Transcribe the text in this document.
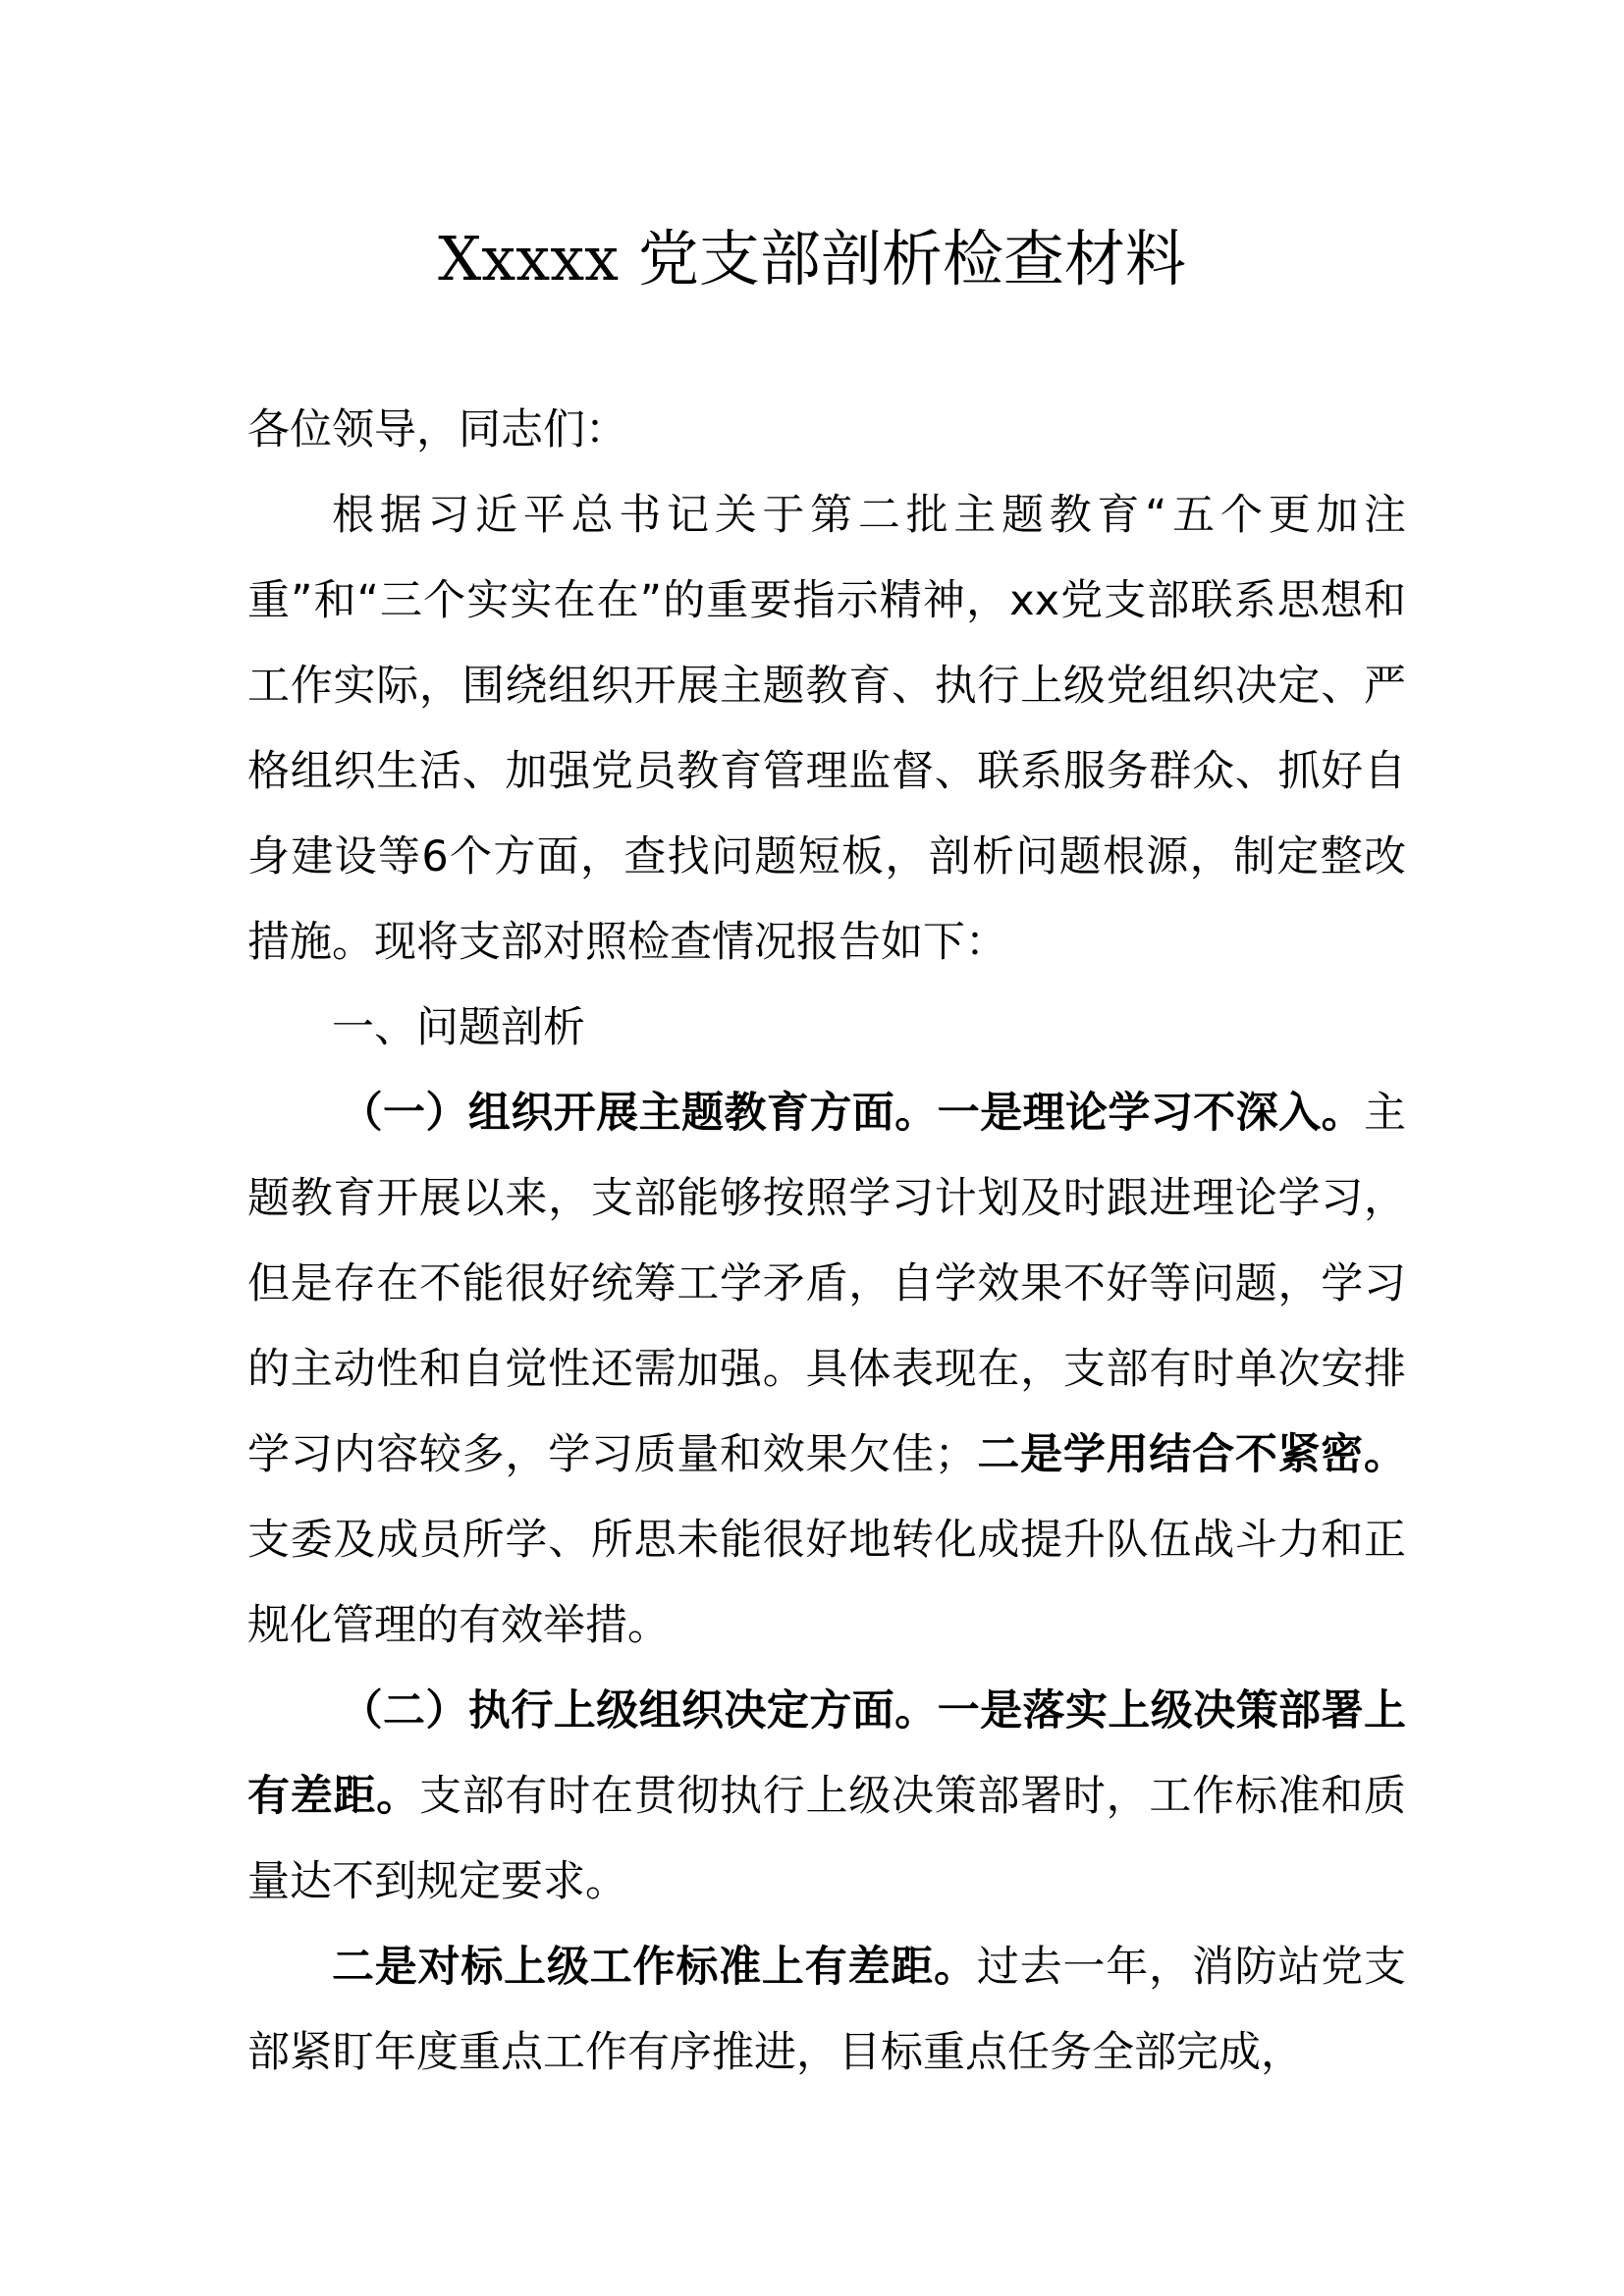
Xxxxx 党支部剖析检查材料

各位领导，同志们：

根据习近平总书记关于第二批主题教育“五个更加注重”和“三个实实在在”的重要指示精神，xx党支部联系思想和工作实际，围绕组织开展主题教育、执行上级党组织决定、严格组织生活、加强党员教育管理监督、联系服务群众、抓好自身建设等6个方面，查找问题短板，剖析问题根源，制定整改措施。现将支部对照检查情况报告如下：

一、问题剖析

（一）组织开展主题教育方面。一是理论学习不深入。主题教育开展以来，支部能够按照学习计划及时跟进理论学习，但是存在不能很好统筹工学矛盾，自学效果不好等问题，学习的主动性和自觉性还需加强。具体表现在，支部有时单次安排学习内容较多，学习质量和效果欠佳；二是学用结合不紧密。支委及成员所学、所思未能很好地转化成提升队伍战斗力和正规化管理的有效举措。

（二）执行上级组织决定方面。一是落实上级决策部署上有差距。支部有时在贯彻执行上级决策部署时，工作标准和质量达不到规定要求。

二是对标上级工作标准上有差距。过去一年，消防站党支部紧盯年度重点工作有序推进，目标重点任务全部完成，
